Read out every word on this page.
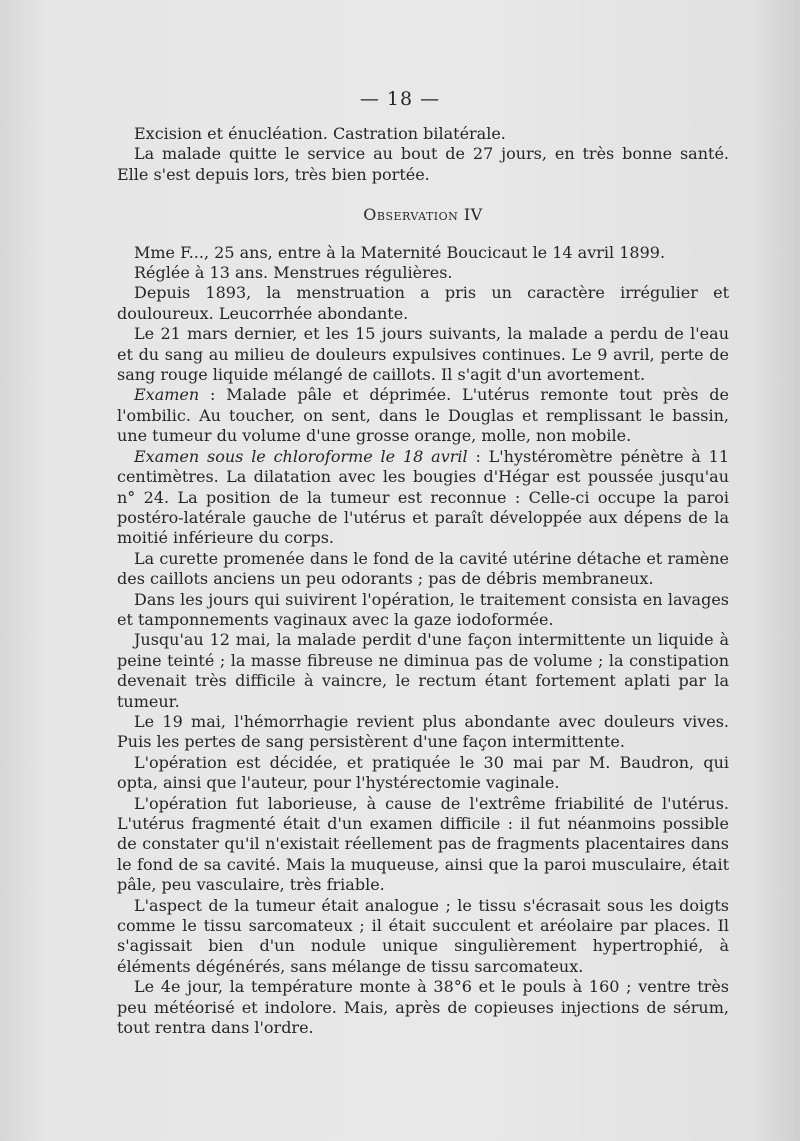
— 18 —

Excision et énucléation. Castration bilatérale.

La malade quitte le service au bout de 27 jours, en très bonne santé. Elle s'est depuis lors, très bien portée.

Observation IV

Mme F..., 25 ans, entre à la Maternité Boucicaut le 14 avril 1899.

Réglée à 13 ans. Menstrues régulières.

Depuis 1893, la menstruation a pris un caractère irrégulier et douloureux. Leucorrhée abondante.

Le 21 mars dernier, et les 15 jours suivants, la malade a perdu de l'eau et du sang au milieu de douleurs expulsives continues. Le 9 avril, perte de sang rouge liquide mélangé de caillots. Il s'agit d'un avortement.

Examen : Malade pâle et déprimée. L'utérus remonte tout près de l'ombilic. Au toucher, on sent, dans le Douglas et remplissant le bassin, une tumeur du volume d'une grosse orange, molle, non mobile.

Examen sous le chloroforme le 18 avril : L'hystéromètre pénètre à 11 centimètres. La dilatation avec les bougies d'Hégar est poussée jusqu'au n° 24. La position de la tumeur est reconnue : Celle-ci occupe la paroi postéro-latérale gauche de l'utérus et paraît développée aux dépens de la moitié inférieure du corps.

La curette promenée dans le fond de la cavité utérine détache et ramène des caillots anciens un peu odorants ; pas de débris membraneux.

Dans les jours qui suivirent l'opération, le traitement consista en lavages et tamponnements vaginaux avec la gaze iodoformée.

Jusqu'au 12 mai, la malade perdit d'une façon intermittente un liquide à peine teinté ; la masse fibreuse ne diminua pas de volume ; la constipation devenait très difficile à vaincre, le rectum étant fortement aplati par la tumeur.

Le 19 mai, l'hémorrhagie revient plus abondante avec douleurs vives. Puis les pertes de sang persistèrent d'une façon intermittente.

L'opération est décidée, et pratiquée le 30 mai par M. Baudron, qui opta, ainsi que l'auteur, pour l'hystérectomie vaginale.

L'opération fut laborieuse, à cause de l'extrême friabilité de l'utérus. L'utérus fragmenté était d'un examen difficile : il fut néanmoins possible de constater qu'il n'existait réellement pas de fragments placentaires dans le fond de sa cavité. Mais la muqueuse, ainsi que la paroi musculaire, était pâle, peu vasculaire, très friable.

L'aspect de la tumeur était analogue ; le tissu s'écrasait sous les doigts comme le tissu sarcomateux ; il était succulent et aréolaire par places. Il s'agissait bien d'un nodule unique singulièrement hypertrophié, à éléments dégénérés, sans mélange de tissu sarcomateux.

Le 4e jour, la température monte à 38°6 et le pouls à 160 ; ventre très peu météorisé et indolore. Mais, après de copieuses injections de sérum, tout rentra dans l'ordre.
